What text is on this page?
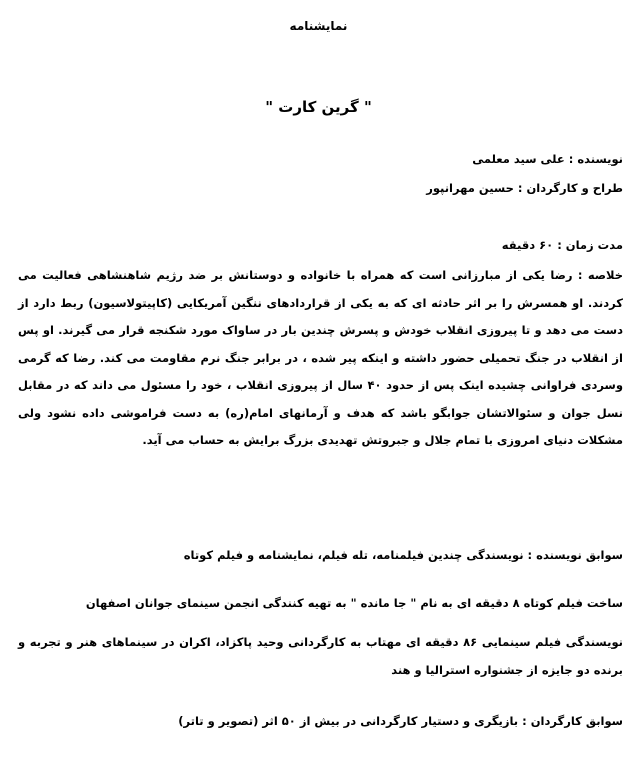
نمایشنامه
" گرین کارت "
نویسنده : علی سید معلمی
طراح و کارگردان : حسین مهرانپور
مدت زمان : ۶۰ دقیقه
خلاصه : رضا یکی از مبارزانی است که همراه با خانواده و دوستانش بر ضد رژیم شاهنشاهی فعالیت می کردند. او همسرش را بر اثر حادثه ای که به یکی از قراردادهای ننگین آمریکایی (کاپیتولاسیون) ربط دارد از دست می دهد و تا پیروزی انقلاب خودش و پسرش چندین بار در ساواک مورد شکنجه قرار می گیرند. او پس از انقلاب در جنگ تحمیلی حضور داشته و اینکه پیر شده ، در برابر جنگ نرم مقاومت می کند. رضا که گرمی وسردی فراوانی چشیده اینک پس از حدود ۴۰ سال از پیروزی انقلاب ، خود را مسئول می داند که در مقابل نسل جوان و سئوالاتشان جوابگو باشد که هدف و آرمانهای امام(ره) به دست فراموشی داده نشود ولی مشکلات دنیای امروزی با تمام جلال و جبروتش تهدیدی بزرگ برایش به حساب می آید.
سوابق نویسنده : نویسندگی چندین فیلمنامه، تله فیلم، نمایشنامه و فیلم کوتاه
ساخت فیلم کوتاه ۸ دقیقه ای به نام " جا مانده " به تهیه کنندگی انجمن سینمای جوانان اصفهان
نویسندگی فیلم سینمایی ۸۶ دقیقه ای مهتاب به کارگردانی وحید پاکزاد، اکران در سینماهای هنر و تجربه و برنده دو جایزه از جشنواره استرالیا و هند
سوابق کارگردان : بازیگری و دستیار کارگردانی در بیش از ۵۰ اثر (تصویر و تاتر)
